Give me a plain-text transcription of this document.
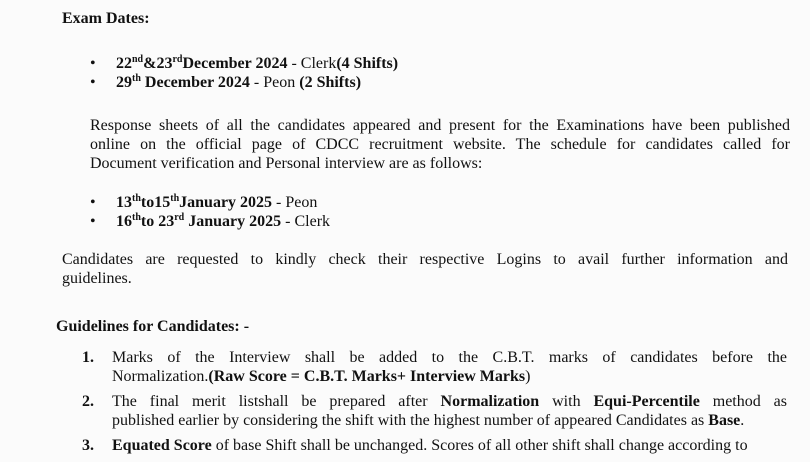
Exam Dates:
• 22nd&23rdDecember 2024 - Clerk(4 Shifts)
• 29th December 2024 - Peon (2 Shifts)
Response sheets of all the candidates appeared and present for the Examinations have been published
online on the official page of CDCC recruitment website. The schedule for candidates called for
Document verification and Personal interview are as follows:
• 13thto15thJanuary 2025 - Peon
• 16thto 23rd January 2025 - Clerk
Candidates are requested to kindly check their respective Logins to avail further information and
guidelines.
Guidelines for Candidates: -
1. Marks of the Interview shall be added to the C.B.T. marks of candidates before the
Normalization.(Raw Score = C.B.T. Marks+ Interview Marks)
2. The final merit listshall be prepared after Normalization with Equi-Percentile method as
published earlier by considering the shift with the highest number of appeared Candidates as Base.
3. Equated Score of base Shift shall be unchanged. Scores of all other shift shall change according to
